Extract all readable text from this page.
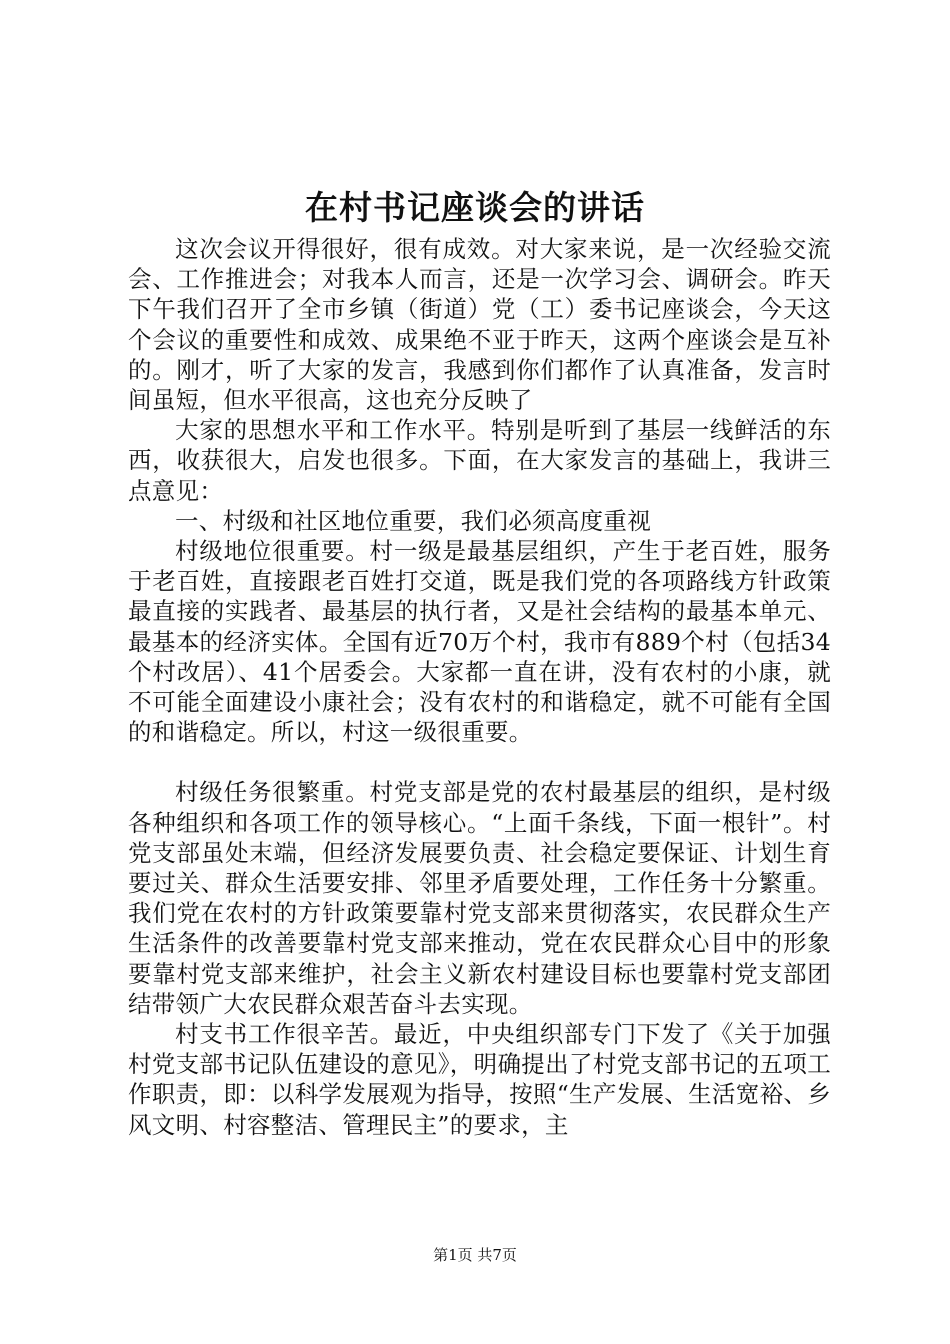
在村书记座谈会的讲话

这次会议开得很好，很有成效。对大家来说，是一次经验交流会、工作推进会；对我本人而言，还是一次学习会、调研会。昨天下午我们召开了全市乡镇（街道）党（工）委书记座谈会，今天这个会议的重要性和成效、成果绝不亚于昨天，这两个座谈会是互补的。刚才，听了大家的发言，我感到你们都作了认真准备，发言时间虽短，但水平很高，这也充分反映了

大家的思想水平和工作水平。特别是听到了基层一线鲜活的东西，收获很大，启发也很多。下面，在大家发言的基础上，我讲三点意见：

一、村级和社区地位重要，我们必须高度重视

村级地位很重要。村一级是最基层组织，产生于老百姓，服务于老百姓，直接跟老百姓打交道，既是我们党的各项路线方针政策最直接的实践者、最基层的执行者，又是社会结构的最基本单元、最基本的经济实体。全国有近70万个村，我市有889个村（包括34个村改居）、41个居委会。大家都一直在讲，没有农村的小康，就不可能全面建设小康社会；没有农村的和谐稳定，就不可能有全国的和谐稳定。所以，村这一级很重要。

村级任务很繁重。村党支部是党的农村最基层的组织，是村级各种组织和各项工作的领导核心。“上面千条线，下面一根针”。村党支部虽处末端，但经济发展要负责、社会稳定要保证、计划生育要过关、群众生活要安排、邻里矛盾要处理，工作任务十分繁重。我们党在农村的方针政策要靠村党支部来贯彻落实，农民群众生产生活条件的改善要靠村党支部来推动，党在农民群众心目中的形象要靠村党支部来维护，社会主义新农村建设目标也要靠村党支部团结带领广大农民群众艰苦奋斗去实现。

村支书工作很辛苦。最近，中央组织部专门下发了《关于加强村党支部书记队伍建设的意见》，明确提出了村党支部书记的五项工作职责，即：以科学发展观为指导，按照“生产发展、生活宽裕、乡风文明、村容整洁、管理民主”的要求，主

第1页 共7页
